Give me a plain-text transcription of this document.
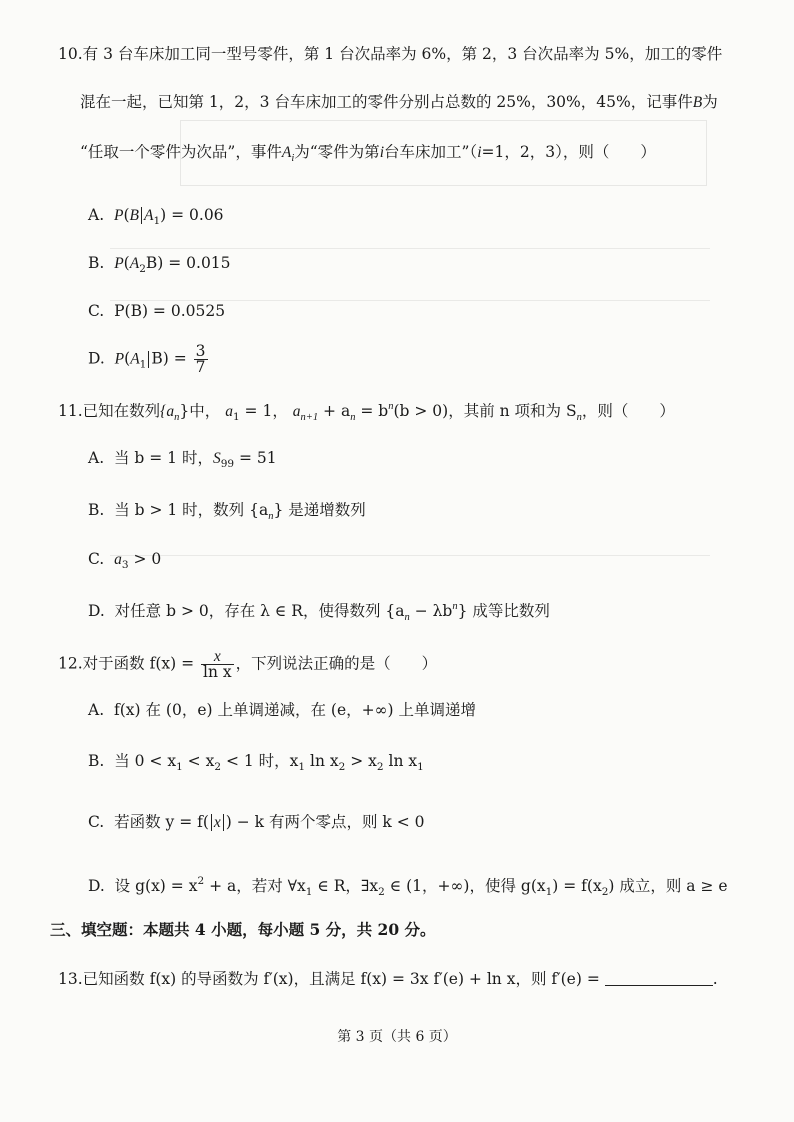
10.有 3 台车床加工同一型号零件，第 1 台次品率为 6%，第 2，3 台次品率为 5%，加工的零件
混在一起，已知第 1，2，3 台车床加工的零件分别占总数的 25%，30%，45%，记事件B为
“任取一个零件为次品”，事件$A_i$为“零件为第i台车床加工”（i=1，2，3），则（　　）
A. P(B $A_1) = 0.06$
B. $P(A_2B) = 0.015$
C. P(B) = 0.0525
D. $P(A_1$ $B) = \frac{3}{7}$
11.已知在数列$\{a_n\}$中， $a_1 = 1$， $a_{n+1} + a_n = b^n(b > 0)$，其前 n 项和为 $S_n$，则（　　）
A. 当 b = 1 时，$S_{99} = 51$
B. 当 b > 1 时，数列 $\{a_n\}$ 是递增数列
C. $a_3 > 0$
D. 对任意 b > 0，存在 λ ∈ R，使得数列 $\{a_n - \lambda b^n\}$ 成等比数列
12.对于函数 $f(x) = \frac{x}{\text{ln x}}$ ，下列说法正确的是（　　）
A. f(x) 在 (0，e) 上单调递减，在 (e，+∞) 上单调递增
B. 当 $0 < x_1 < x_2 < 1$ 时，$x_1$ $\ln x_2 > x_2$ $\ln x_1$
C. 若函数 y = f( x ) − k 有两个零点，则 k < 0
D. 设 $g(x) = x^2 + a$，若对 $\forall x_1$ ∈ R，$\exists x_2$ ∈ (1，+∞)，使得 $g(x_1) = f(x_2)$ 成立，则 a ≥ e
三、填空题：本题共 4 小题，每小题 5 分，共 20 分。
13.已知函数 f(x) 的导函数为 f′(x)，且满足 f(x) = 3x f′(e) + ln x，则 f′(e) =	.
第 3 页（共 6 页）
